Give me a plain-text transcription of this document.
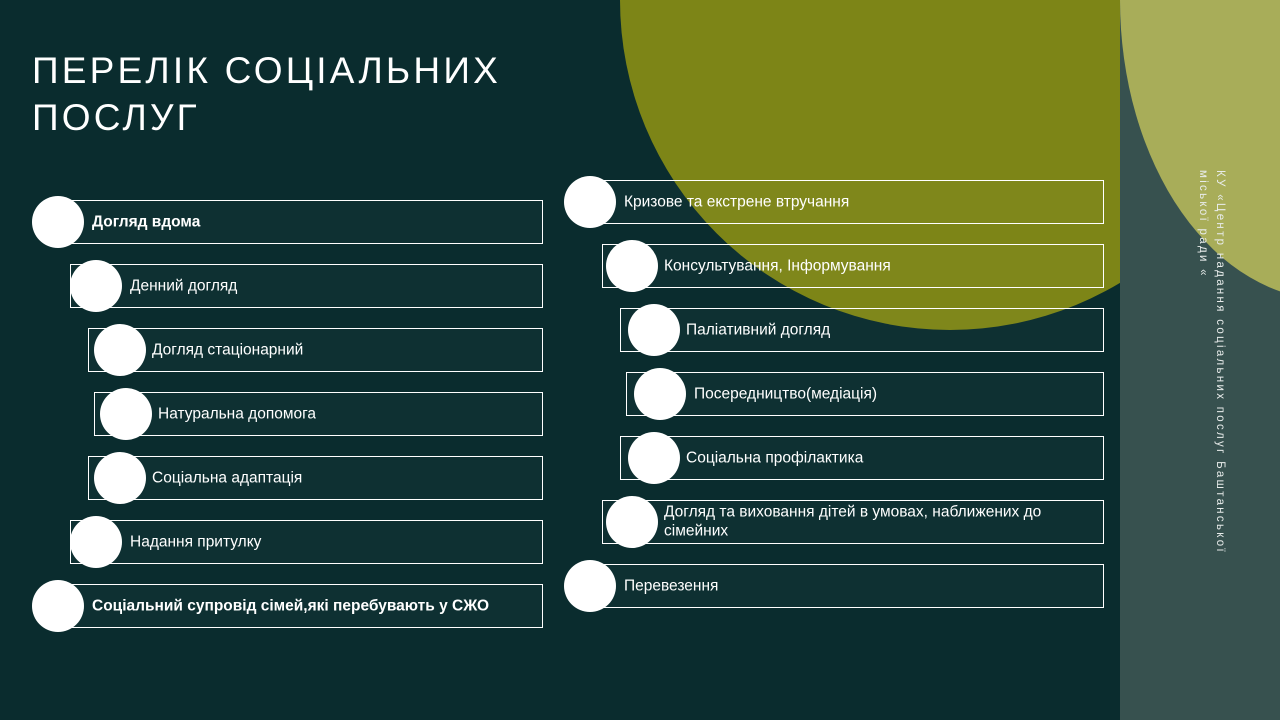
ПЕРЕЛІК СОЦІАЛЬНИХ ПОСЛУГ
КУ «Центр надання соціальних послуг Баштанської міської ради «
Догляд вдома
Денний догляд
Догляд стаціонарний
Натуральна допомога
Соціальна адаптація
Надання притулку
Соціальний супровід сімей,які перебувають у СЖО
Кризове та екстрене втручання
Консультування, Інформування
Паліативний догляд
Посередництво(медіація)
Соціальна профілактика
Догляд та виховання дітей в умовах, наближених до сімейних
Перевезення
